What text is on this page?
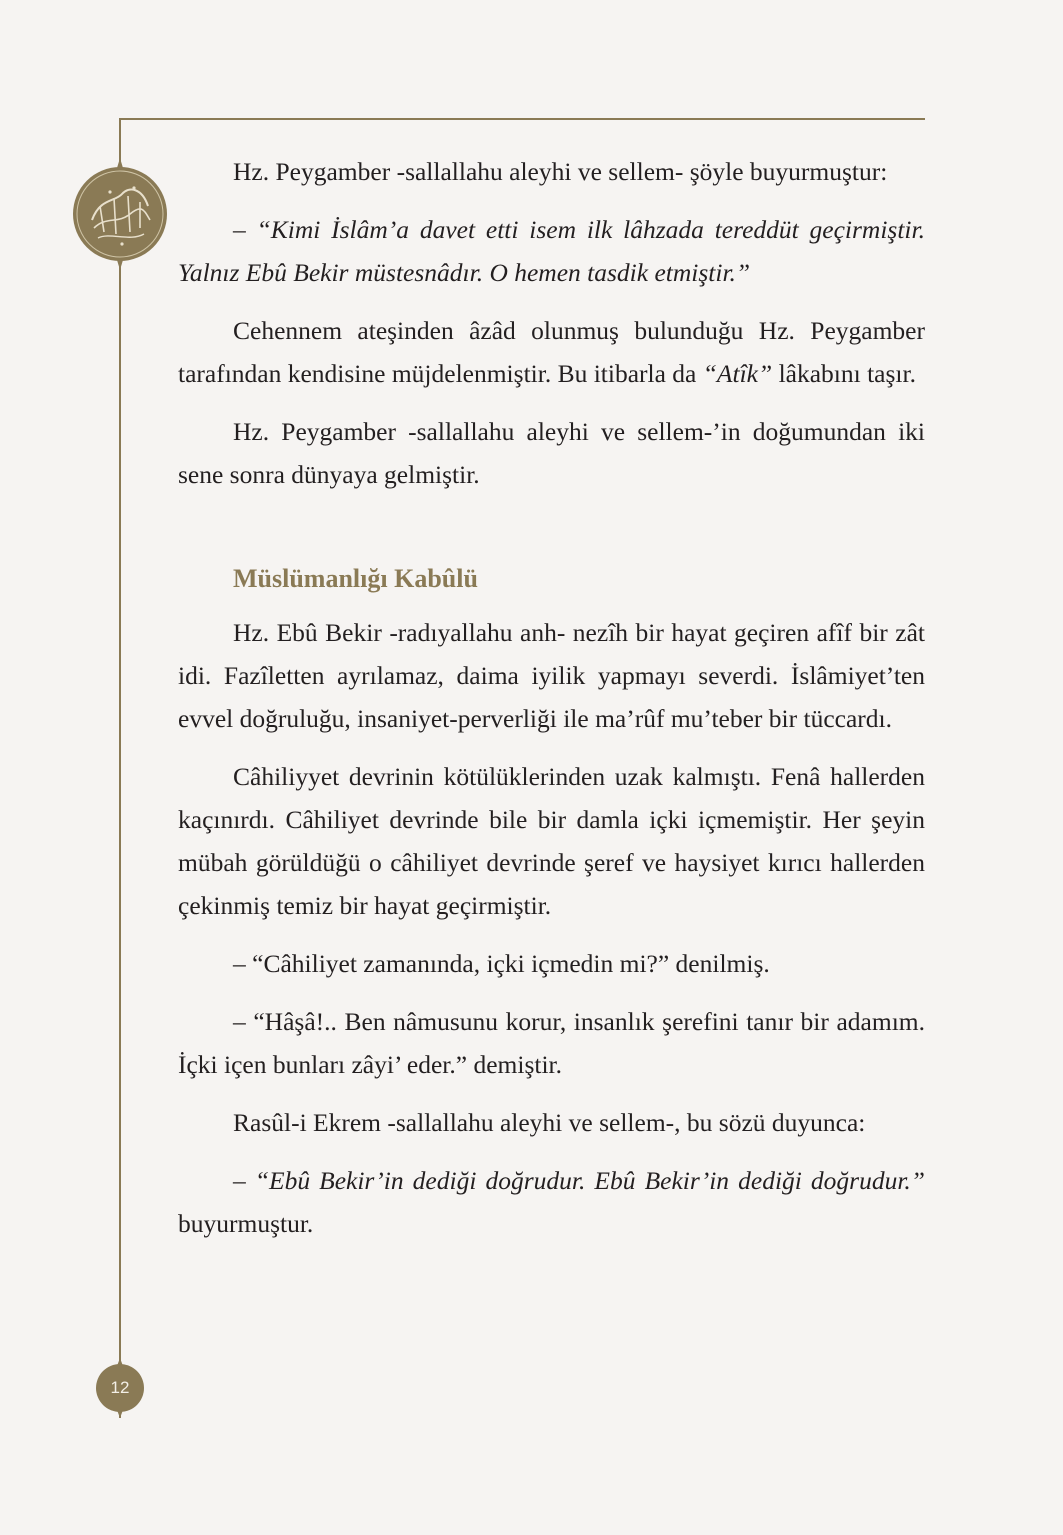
12

Hz. Peygamber -sallallahu aleyhi ve sellem- şöyle buyurmuştur:

– “Kimi İslâm’a davet etti isem ilk lâhzada tereddüt geçirmiştir. Yalnız Ebû Bekir müstesnâdır. O hemen tasdik etmiştir.”

Cehennem ateşinden âzâd olunmuş bulunduğu Hz. Peygamber tarafından kendisine müjdelenmiştir. Bu itibarla da “Atîk” lâkabını taşır.

Hz. Peygamber -sallallahu aleyhi ve sellem-’in doğumundan iki sene sonra dünyaya gelmiştir.

Müslümanlığı Kabûlü

Hz. Ebû Bekir -radıyallahu anh- nezîh bir hayat geçiren afîf bir zât idi. Fazîletten ayrılamaz, daima iyilik yapmayı severdi. İslâmiyet’ten evvel doğruluğu, insaniyet-perverliği ile ma’rûf mu’teber bir tüccardı.

Câhiliyyet devrinin kötülüklerinden uzak kalmıştı. Fenâ hallerden kaçınırdı. Câhiliyet devrinde bile bir damla içki içmemiştir. Her şeyin mübah görüldüğü o câhiliyet devrinde şeref ve haysiyet kırıcı hallerden çekinmiş temiz bir hayat geçirmiştir.

– “Câhiliyet zamanında, içki içmedin mi?” denilmiş.

– “Hâşâ!.. Ben nâmusunu korur, insanlık şerefini tanır bir adamım. İçki içen bunları zâyi’ eder.” demiştir.

Rasûl-i Ekrem -sallallahu aleyhi ve sellem-, bu sözü duyunca:

– “Ebû Bekir’in dediği doğrudur. Ebû Bekir’in dediği doğrudur.” buyurmuştur.
